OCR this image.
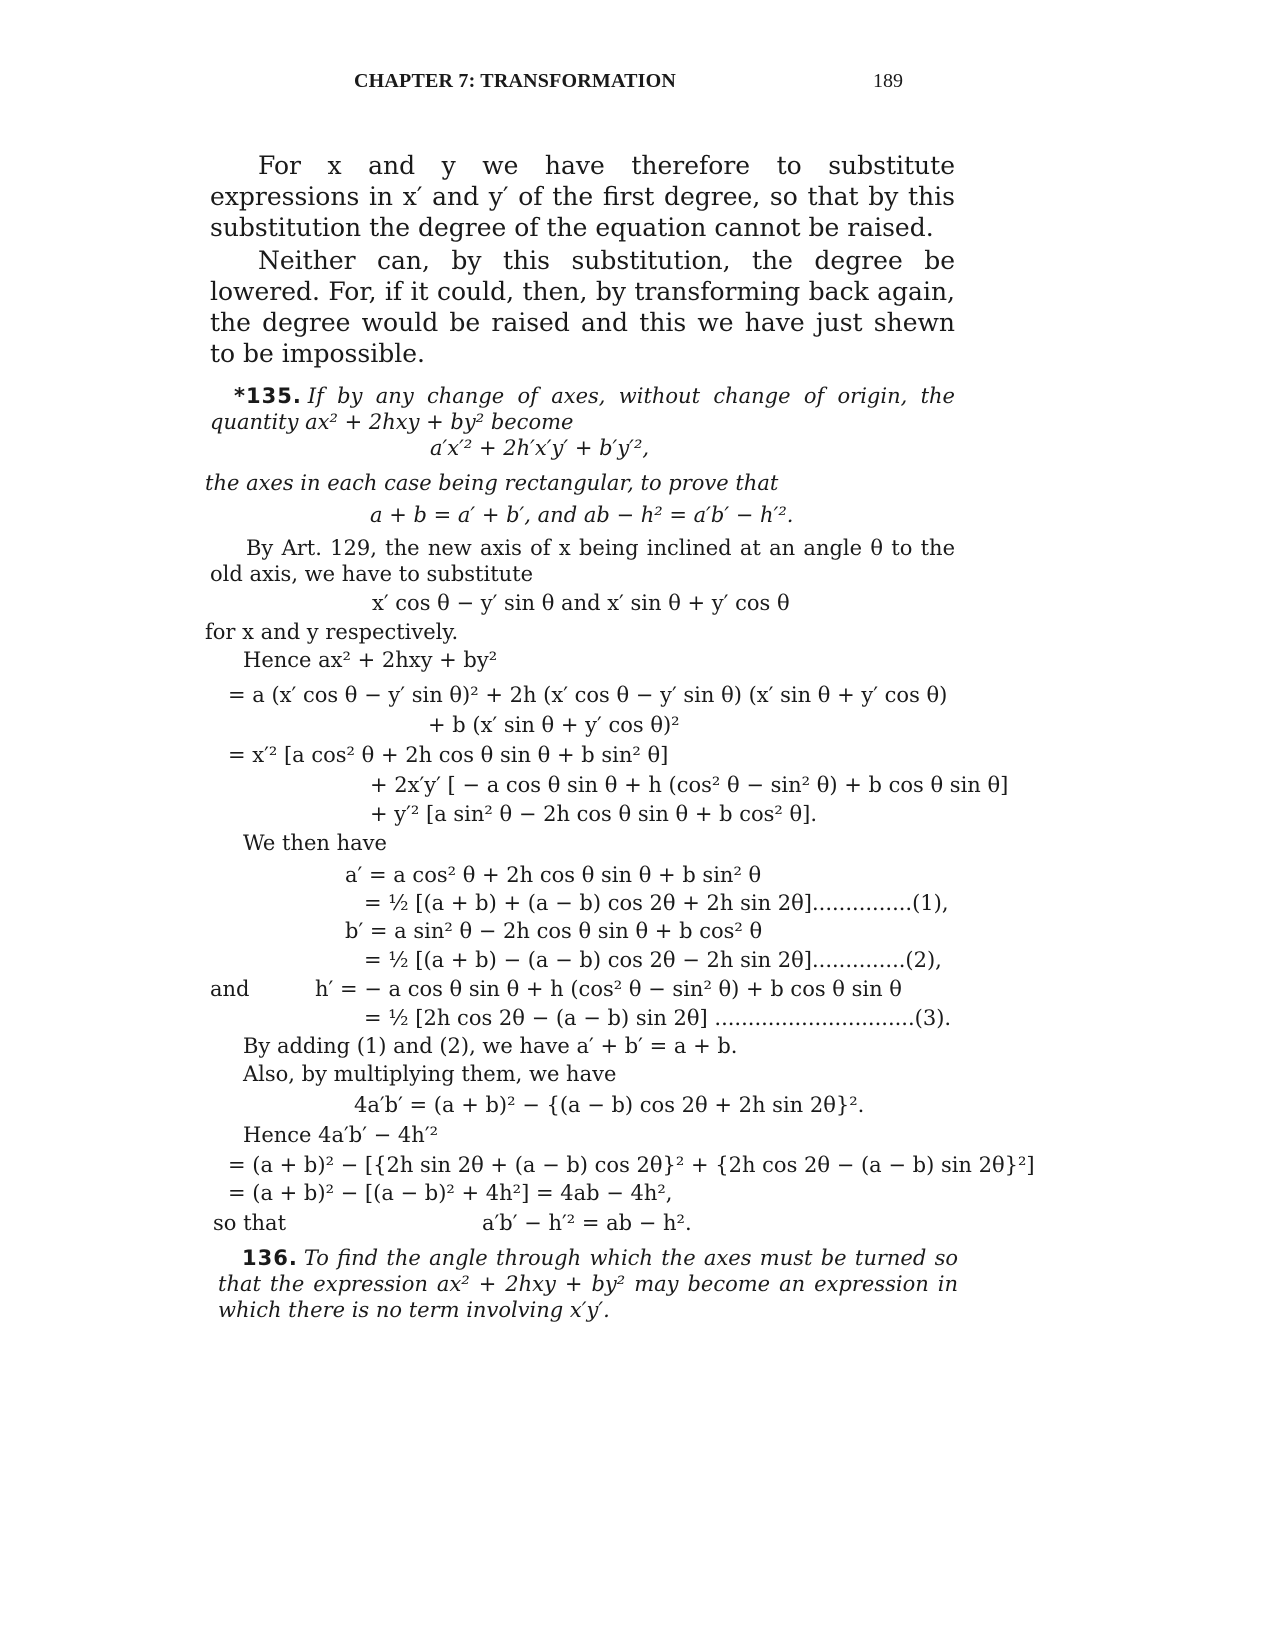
CHAPTER 7: TRANSFORMATION	189
For x and y we have therefore to substitute expressions in x′ and y′ of the first degree, so that by this substitution the degree of the equation cannot be raised.
Neither can, by this substitution, the degree be lowered. For, if it could, then, by transforming back again, the degree would be raised and this we have just shewn to be impossible.
*135. If by any change of axes, without change of origin, the quantity ax² + 2hxy + by² become
a′x′² + 2h′x′y′ + b′y′²,
the axes in each case being rectangular, to prove that
a + b = a′ + b′, and ab − h² = a′b′ − h′².
By Art. 129, the new axis of x being inclined at an angle θ to the old axis, we have to substitute
x′ cos θ − y′ sin θ and x′ sin θ + y′ cos θ
for x and y respectively.
Hence ax² + 2hxy + by²
= a (x′ cos θ − y′ sin θ)² + 2h (x′ cos θ − y′ sin θ) (x′ sin θ + y′ cos θ)
+ b (x′ sin θ + y′ cos θ)²
= x′² [a cos² θ + 2h cos θ sin θ + b sin² θ]
+ 2x′y′ [ − a cos θ sin θ + h (cos² θ − sin² θ) + b cos θ sin θ]
+ y′² [a sin² θ − 2h cos θ sin θ + b cos² θ].
We then have
a′ = a cos² θ + 2h cos θ sin θ + b sin² θ
= ½ [(a + b) + (a − b) cos 2θ + 2h sin 2θ]...............(1),
b′ = a sin² θ − 2h cos θ sin θ + b cos² θ
= ½ [(a + b) − (a − b) cos 2θ − 2h sin 2θ]..............(2),
and	h′ = − a cos θ sin θ + h (cos² θ − sin² θ) + b cos θ sin θ
= ½ [2h cos 2θ − (a − b) sin 2θ] ..............................(3).
By adding (1) and (2), we have a′ + b′ = a + b.
Also, by multiplying them, we have
4a′b′ = (a + b)² − {(a − b) cos 2θ + 2h sin 2θ}².
Hence 4a′b′ − 4h′²
= (a + b)² − [{2h sin 2θ + (a − b) cos 2θ}² + {2h cos 2θ − (a − b) sin 2θ}²]
= (a + b)² − [(a − b)² + 4h²] = 4ab − 4h²,
so that	a′b′ − h′² = ab − h².
136. To find the angle through which the axes must be turned so that the expression ax² + 2hxy + by² may become an expression in which there is no term involving x′y′.
